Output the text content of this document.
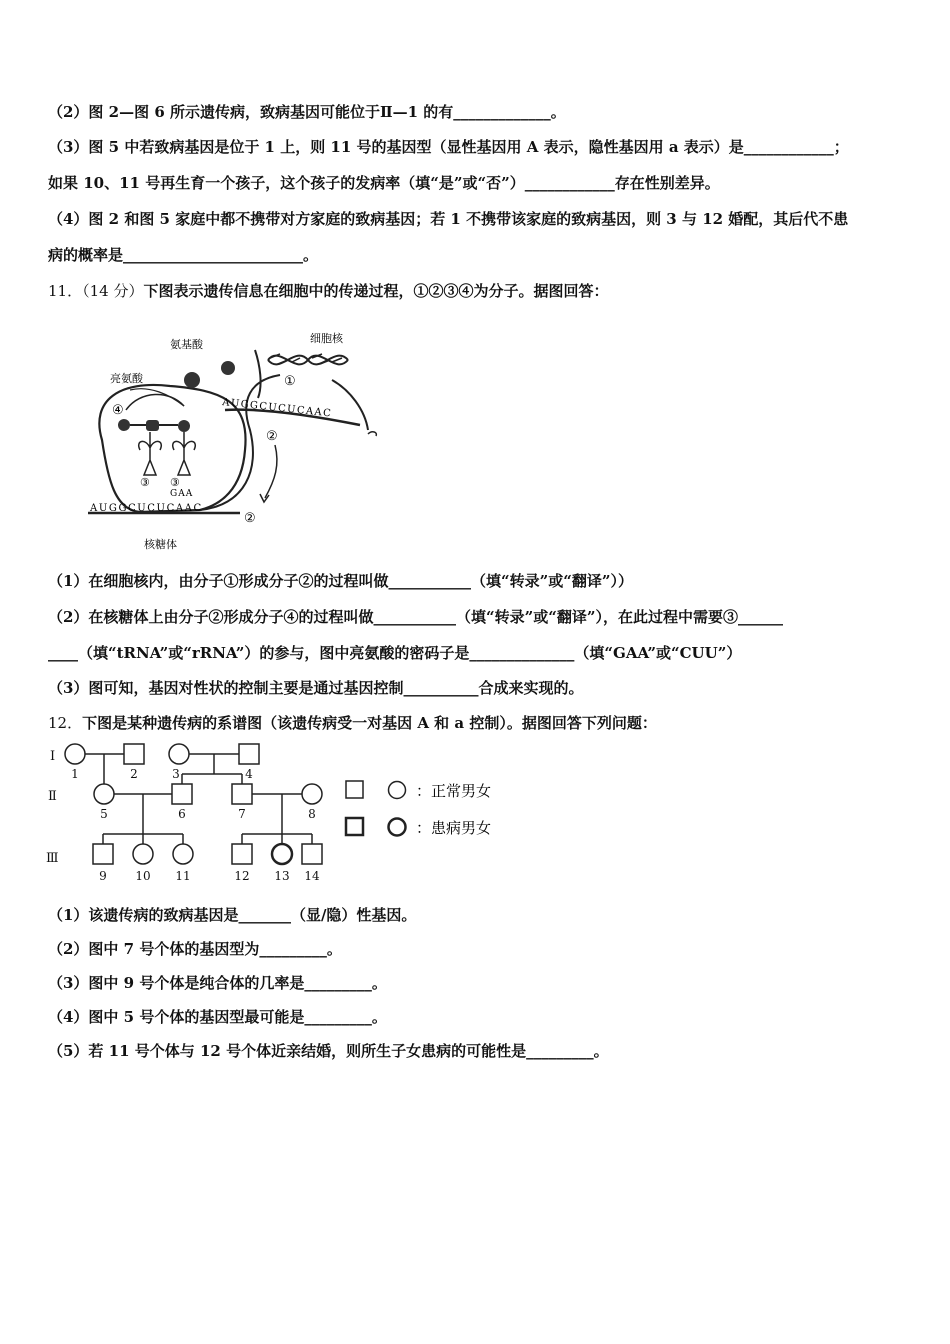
（2）图 2—图 6 所示遗传病，致病基因可能位于Ⅱ—1 的有_____________。
（3）图 5 中若致病基因是位于 1 上，则 11 号的基因型（显性基因用 A 表示，隐性基因用 a 表示）是____________；
如果 10、11 号再生育一个孩子，这个孩子的发病率（填“是”或“否”）____________存在性别差异。
（4）图 2 和图 5 家庭中都不携带对方家庭的致病基因；若 1 不携带该家庭的致病基因，则 3 与 12 婚配，其后代不患
病的概率是________________________。
11．（14 分）下图表示遗传信息在细胞中的传递过程，①②③④为分子。据图回答：
AUGGCUCUCAAC
AUGGCUCUCAAC
细胞核
①
②
②
氨基酸
亮氨酸
④
③ ③
GAA
核糖体
（1）在细胞核内，由分子①形成分子②的过程叫做___________（填“转录”或“翻译”））
（2）在核糖体上由分子②形成分子④的过程叫做___________（填“转录”或“翻译”），在此过程中需要③______
____（填“tRNA”或“rRNA”）的参与，图中亮氨酸的密码子是______________（填“GAA”或“CUU”）
（3）图可知，基因对性状的控制主要是通过基因控制__________合成来实现的。
12．下图是某种遗传病的系谱图（该遗传病受一对基因 A 和 a 控制）。据图回答下列问题：
Ⅰ
Ⅱ
Ⅲ
1	2	3	4
5	6	7	8
9 10 11	12 13 14
：正常男女
：患病男女
（1）该遗传病的致病基因是_______（显/隐）性基因。
（2）图中 7 号个体的基因型为_________。
（3）图中 9 号个体是纯合体的几率是_________。
（4）图中 5 号个体的基因型最可能是_________。
（5）若 11 号个体与 12 号个体近亲结婚，则所生子女患病的可能性是_________。
